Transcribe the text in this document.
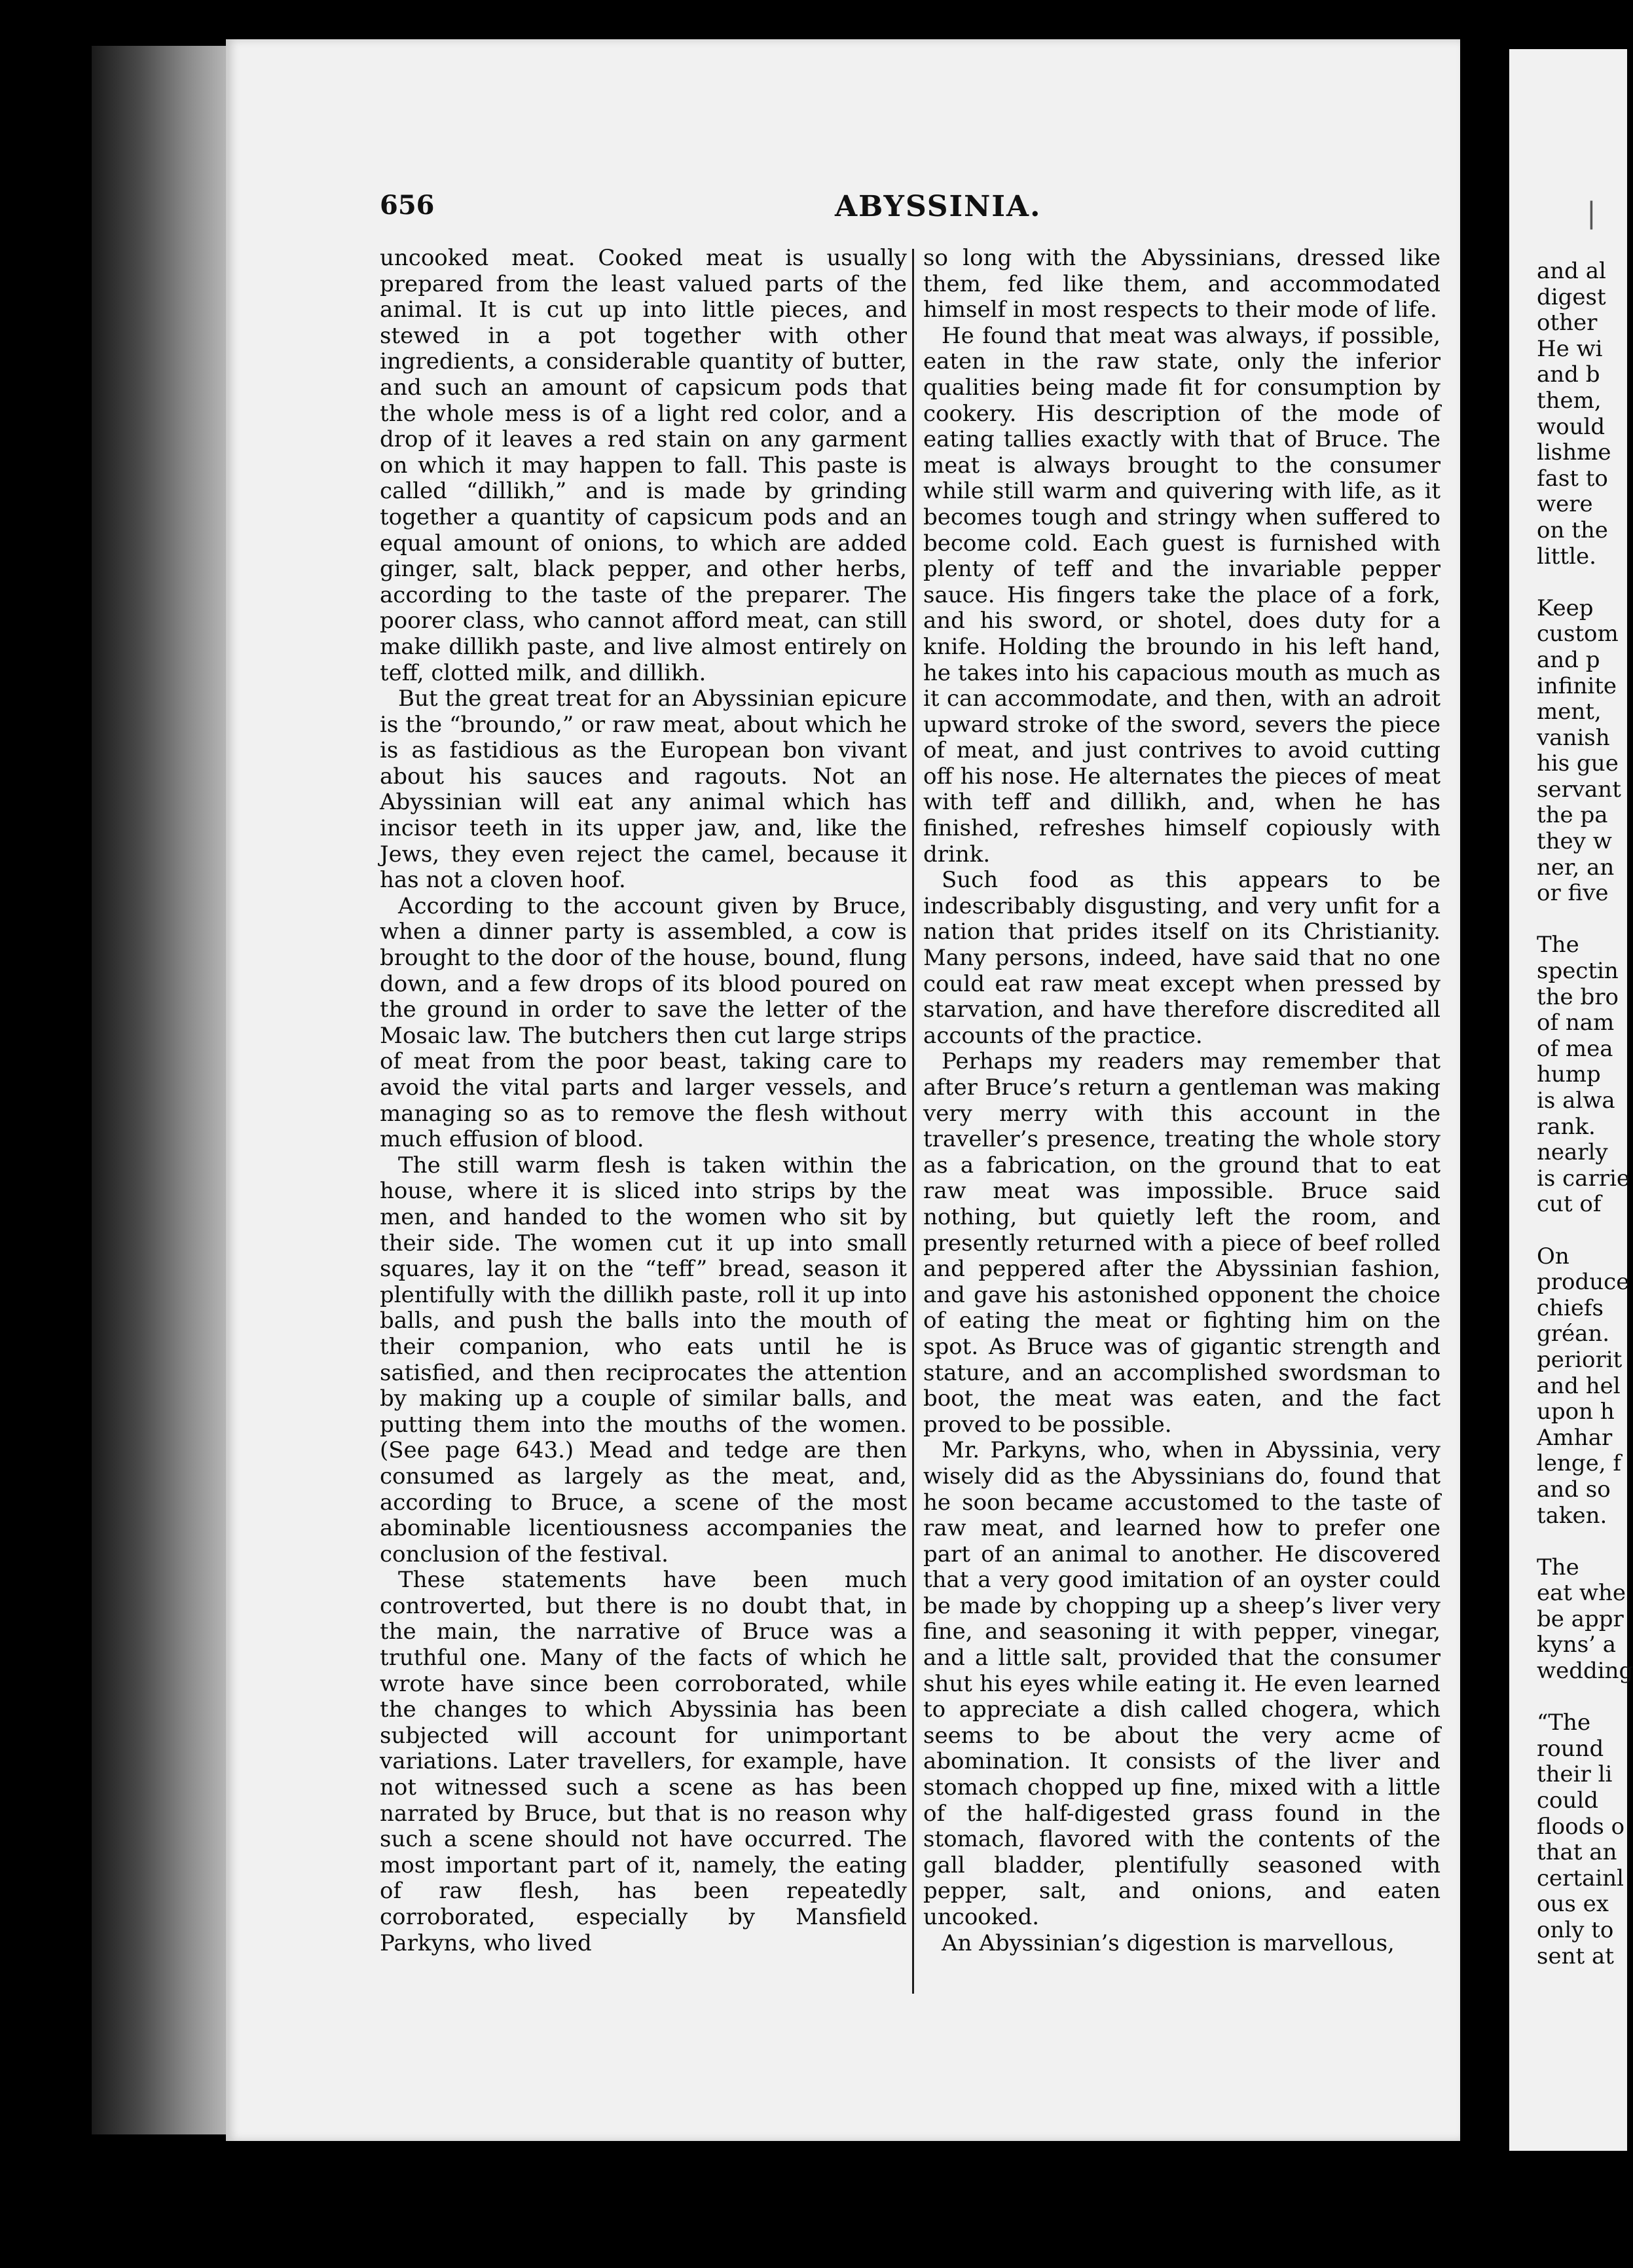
656	ABYSSINIA.	|

uncooked meat. Cooked meat is usually prepared from the least valued parts of the animal. It is cut up into little pieces, and stewed in a pot together with other ingredients, a considerable quantity of butter, and such an amount of capsicum pods that the whole mess is of a light red color, and a drop of it leaves a red stain on any garment on which it may happen to fall. This paste is called “dillikh,” and is made by grinding together a quantity of capsicum pods and an equal amount of onions, to which are added ginger, salt, black pepper, and other herbs, according to the taste of the preparer. The poorer class, who cannot afford meat, can still make dillikh paste, and live almost entirely on teff, clotted milk, and dillikh.

But the great treat for an Abyssinian epicure is the “broundo,” or raw meat, about which he is as fastidious as the European bon vivant about his sauces and ragouts. Not an Abyssinian will eat any animal which has incisor teeth in its upper jaw, and, like the Jews, they even reject the camel, because it has not a cloven hoof.

According to the account given by Bruce, when a dinner party is assembled, a cow is brought to the door of the house, bound, flung down, and a few drops of its blood poured on the ground in order to save the letter of the Mosaic law. The butchers then cut large strips of meat from the poor beast, taking care to avoid the vital parts and larger vessels, and managing so as to remove the flesh without much effusion of blood.

The still warm flesh is taken within the house, where it is sliced into strips by the men, and handed to the women who sit by their side. The women cut it up into small squares, lay it on the “teff” bread, season it plentifully with the dillikh paste, roll it up into balls, and push the balls into the mouth of their companion, who eats until he is satisfied, and then reciprocates the attention by making up a couple of similar balls, and putting them into the mouths of the women. (See page 643.) Mead and tedge are then consumed as largely as the meat, and, according to Bruce, a scene of the most abominable licentiousness accompanies the conclusion of the festival.

These statements have been much controverted, but there is no doubt that, in the main, the narrative of Bruce was a truthful one. Many of the facts of which he wrote have since been corroborated, while the changes to which Abyssinia has been subjected will account for unimportant variations. Later travellers, for example, have not witnessed such a scene as has been narrated by Bruce, but that is no reason why such a scene should not have occurred. The most important part of it, namely, the eating of raw flesh, has been repeatedly corroborated, especially by Mansfield Parkyns, who lived

so long with the Abyssinians, dressed like them, fed like them, and accommodated himself in most respects to their mode of life.

He found that meat was always, if possible, eaten in the raw state, only the inferior qualities being made fit for consumption by cookery. His description of the mode of eating tallies exactly with that of Bruce. The meat is always brought to the consumer while still warm and quivering with life, as it becomes tough and stringy when suffered to become cold. Each guest is furnished with plenty of teff and the invariable pepper sauce. His fingers take the place of a fork, and his sword, or shotel, does duty for a knife. Holding the broundo in his left hand, he takes into his capacious mouth as much as it can accommodate, and then, with an adroit upward stroke of the sword, severs the piece of meat, and just contrives to avoid cutting off his nose. He alternates the pieces of meat with teff and dillikh, and, when he has finished, refreshes himself copiously with drink.

Such food as this appears to be indescribably disgusting, and very unfit for a nation that prides itself on its Christianity. Many persons, indeed, have said that no one could eat raw meat except when pressed by starvation, and have therefore discredited all accounts of the practice.

Perhaps my readers may remember that after Bruce’s return a gentleman was making very merry with this account in the traveller’s presence, treating the whole story as a fabrication, on the ground that to eat raw meat was impossible. Bruce said nothing, but quietly left the room, and presently returned with a piece of beef rolled and peppered after the Abyssinian fashion, and gave his astonished opponent the choice of eating the meat or fighting him on the spot. As Bruce was of gigantic strength and stature, and an accomplished swordsman to boot, the meat was eaten, and the fact proved to be possible.

Mr. Parkyns, who, when in Abyssinia, very wisely did as the Abyssinians do, found that he soon became accustomed to the taste of raw meat, and learned how to prefer one part of an animal to another. He discovered that a very good imitation of an oyster could be made by chopping up a sheep’s liver very fine, and seasoning it with pepper, vinegar, and a little salt, provided that the consumer shut his eyes while eating it. He even learned to appreciate a dish called chogera, which seems to be about the very acme of abomination. It consists of the liver and stomach chopped up fine, mixed with a little of the half-digested grass found in the stomach, flavored with the contents of the gall bladder, plentifully seasoned with pepper, salt, and onions, and eaten uncooked.

An Abyssinian’s digestion is marvellous,

and al
digest
other
He wi
and b
them,
would
lishme
fast to
were
on the
little.
Keep
custom
and p
infinite
ment,
vanish
his gue
servant
the pa
they w
ner, an
or five
The
spectin
the bro
of nam
of mea
hump
is alwa
rank.
nearly
is carrie
cut of
On
produce
chiefs
gréan.
periorit
and hel
upon h
Amhar
lenge, f
and so
taken.
The
eat whe
be appr
kyns’ a
wedding
“The
round
their li
could
floods o
that an
certainl
ous ex
only to
sent at
